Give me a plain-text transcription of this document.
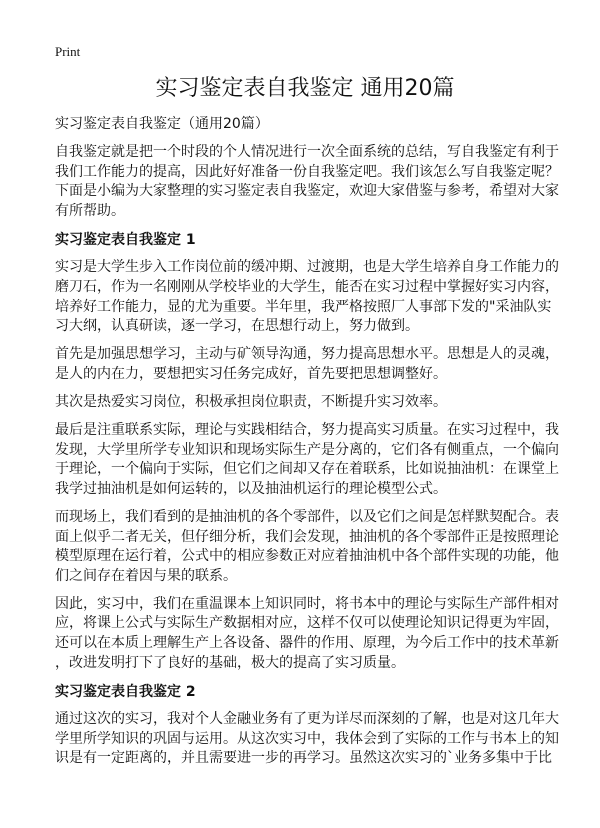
Print
实习鉴定表自我鉴定 通用20篇
实习鉴定表自我鉴定（通用20篇）
自我鉴定就是把一个时段的个人情况进行一次全面系统的总结，写自我鉴定有利于
我们工作能力的提高，因此好好准备一份自我鉴定吧。我们该怎么写自我鉴定呢？
下面是小编为大家整理的实习鉴定表自我鉴定，欢迎大家借鉴与参考，希望对大家
有所帮助。
实习鉴定表自我鉴定 1
实习是大学生步入工作岗位前的缓冲期、过渡期，也是大学生培养自身工作能力的
磨刀石，作为一名刚刚从学校毕业的大学生，能否在实习过程中掌握好实习内容，
培养好工作能力，显的尤为重要。半年里，我严格按照厂人事部下发的"采油队实
习大纲，认真研读，逐一学习，在思想行动上，努力做到。
首先是加强思想学习，主动与矿领导沟通，努力提高思想水平。思想是人的灵魂，
是人的内在力，要想把实习任务完成好，首先要把思想调整好。
其次是热爱实习岗位，积极承担岗位职责，不断提升实习效率。
最后是注重联系实际，理论与实践相结合，努力提高实习质量。在实习过程中，我
发现，大学里所学专业知识和现场实际生产是分离的，它们各有侧重点，一个偏向
于理论，一个偏向于实际，但它们之间却又存在着联系，比如说抽油机：在课堂上
我学过抽油机是如何运转的，以及抽油机运行的理论模型公式。
而现场上，我们看到的是抽油机的各个零部件，以及它们之间是怎样默契配合。表
面上似乎二者无关，但仔细分析，我们会发现，抽油机的各个零部件正是按照理论
模型原理在运行着，公式中的相应参数正对应着抽油机中各个部件实现的功能，他
们之间存在着因与果的联系。
因此，实习中，我们在重温课本上知识同时，将书本中的理论与实际生产部件相对
应，将课上公式与实际生产数据相对应，这样不仅可以使理论知识记得更为牢固，
还可以在本质上理解生产上各设备、器件的作用、原理，为今后工作中的技术革新
，改进发明打下了良好的基础，极大的提高了实习质量。
实习鉴定表自我鉴定 2
通过这次的实习，我对个人金融业务有了更为详尽而深刻的了解，也是对这几年大
学里所学知识的巩固与运用。从这次实习中，我体会到了实际的工作与书本上的知
识是有一定距离的，并且需要进一步的再学习。虽然这次实习的`业务多集中于比
